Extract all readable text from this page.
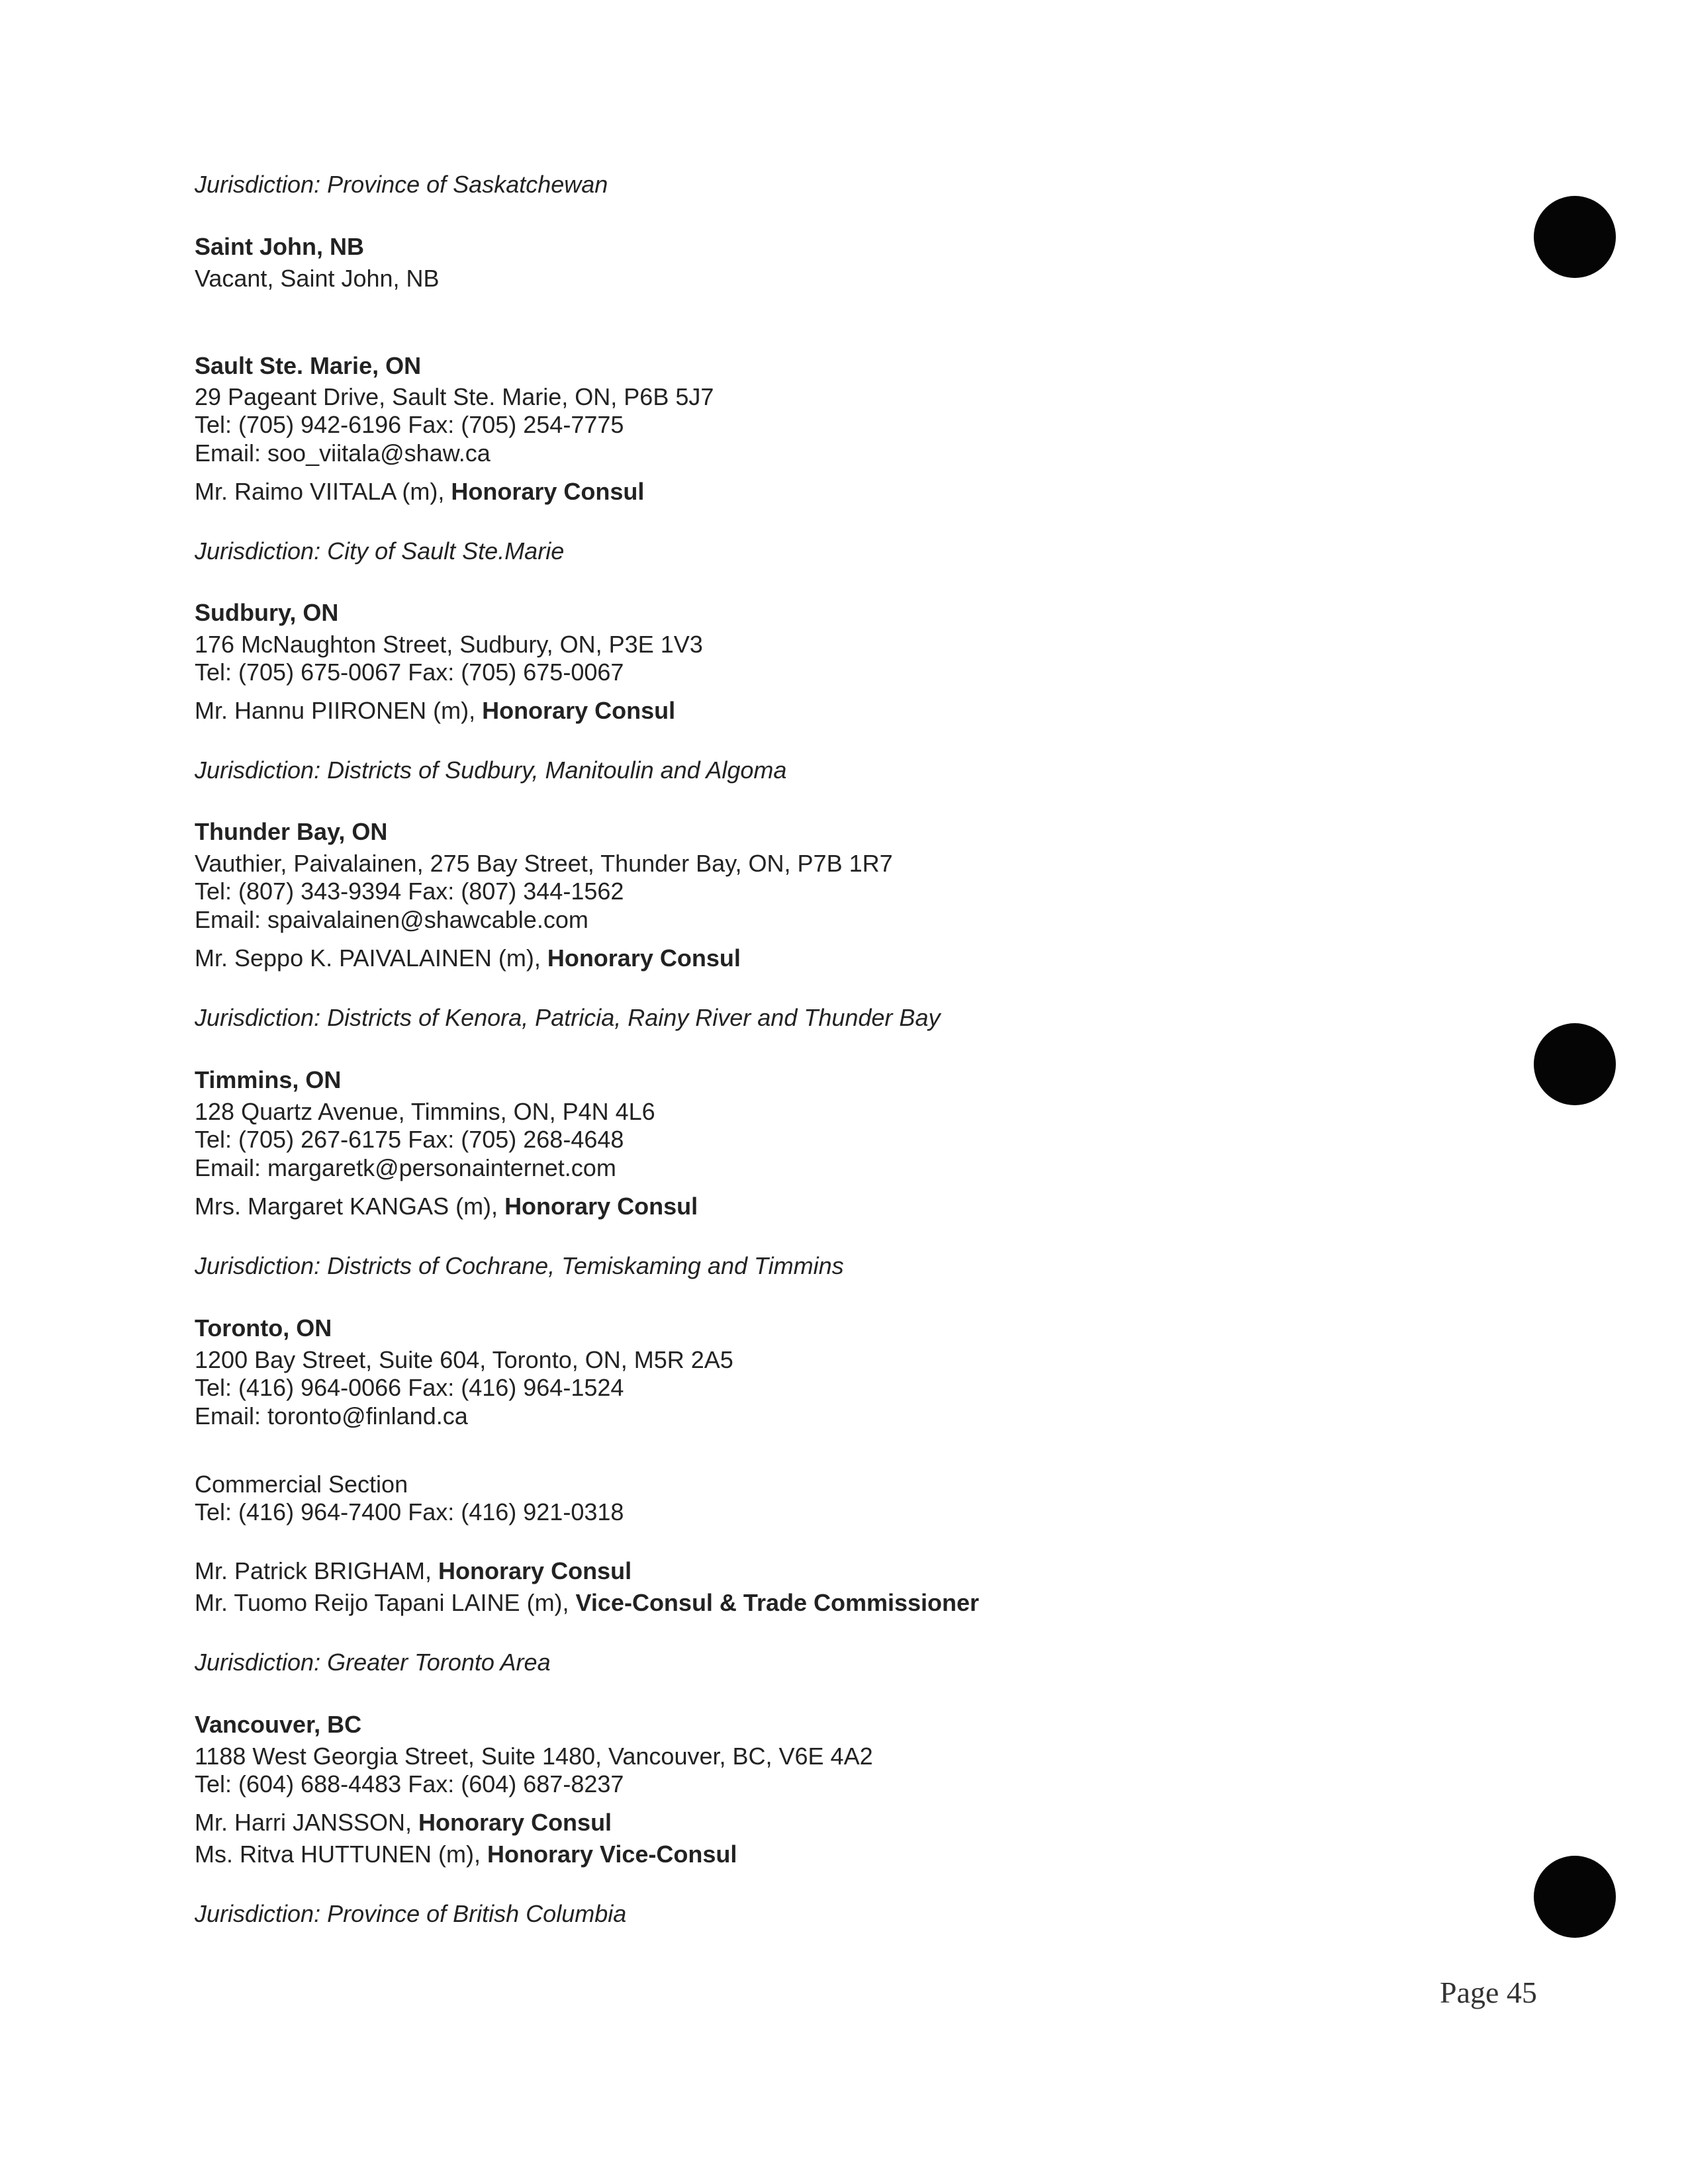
Jurisdiction: Province of Saskatchewan
Saint John, NB
Vacant, Saint John, NB
Sault Ste. Marie, ON
29 Pageant Drive, Sault Ste. Marie, ON, P6B 5J7
Tel: (705) 942-6196 Fax: (705) 254-7775
Email: soo_viitala@shaw.ca
Mr. Raimo VIITALA (m), Honorary Consul
Jurisdiction: City of Sault Ste.Marie
Sudbury, ON
176 McNaughton Street, Sudbury, ON, P3E 1V3
Tel: (705) 675-0067 Fax: (705) 675-0067
Mr. Hannu PIIRONEN (m), Honorary Consul
Jurisdiction: Districts of Sudbury, Manitoulin and Algoma
Thunder Bay, ON
Vauthier, Paivalainen, 275 Bay Street, Thunder Bay, ON, P7B 1R7
Tel: (807) 343-9394 Fax: (807) 344-1562
Email: spaivalainen@shawcable.com
Mr. Seppo K. PAIVALAINEN (m), Honorary Consul
Jurisdiction: Districts of Kenora, Patricia, Rainy River and Thunder Bay
Timmins, ON
128 Quartz Avenue, Timmins, ON, P4N 4L6
Tel: (705) 267-6175 Fax: (705) 268-4648
Email: margaretk@personainternet.com
Mrs. Margaret KANGAS (m), Honorary Consul
Jurisdiction: Districts of Cochrane, Temiskaming and Timmins
Toronto, ON
1200 Bay Street, Suite 604, Toronto, ON, M5R 2A5
Tel: (416) 964-0066 Fax: (416) 964-1524
Email: toronto@finland.ca
Commercial Section
Tel: (416) 964-7400 Fax: (416) 921-0318
Mr. Patrick BRIGHAM, Honorary Consul
Mr. Tuomo Reijo Tapani LAINE (m), Vice-Consul & Trade Commissioner
Jurisdiction: Greater Toronto Area
Vancouver, BC
1188 West Georgia Street, Suite 1480, Vancouver, BC, V6E 4A2
Tel: (604) 688-4483 Fax: (604) 687-8237
Mr. Harri JANSSON, Honorary Consul
Ms. Ritva HUTTUNEN (m), Honorary Vice-Consul
Jurisdiction: Province of British Columbia
Page 45
